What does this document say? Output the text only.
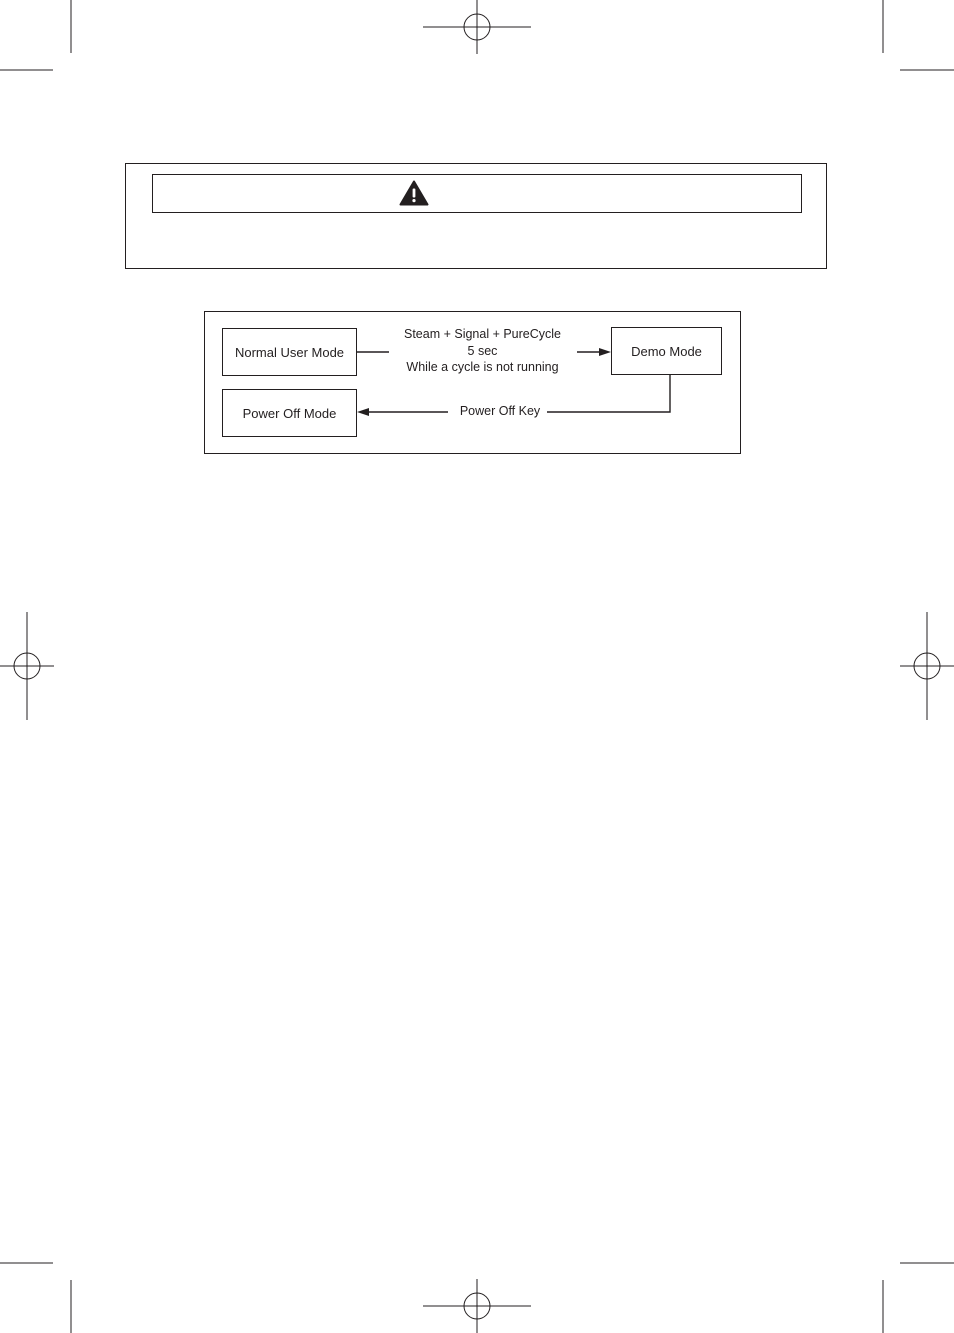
Normal User Mode	Demo Mode
Power Off Mode
Steam + Signal + PureCycle
5 sec
While a cycle is not running
Power Off Key
